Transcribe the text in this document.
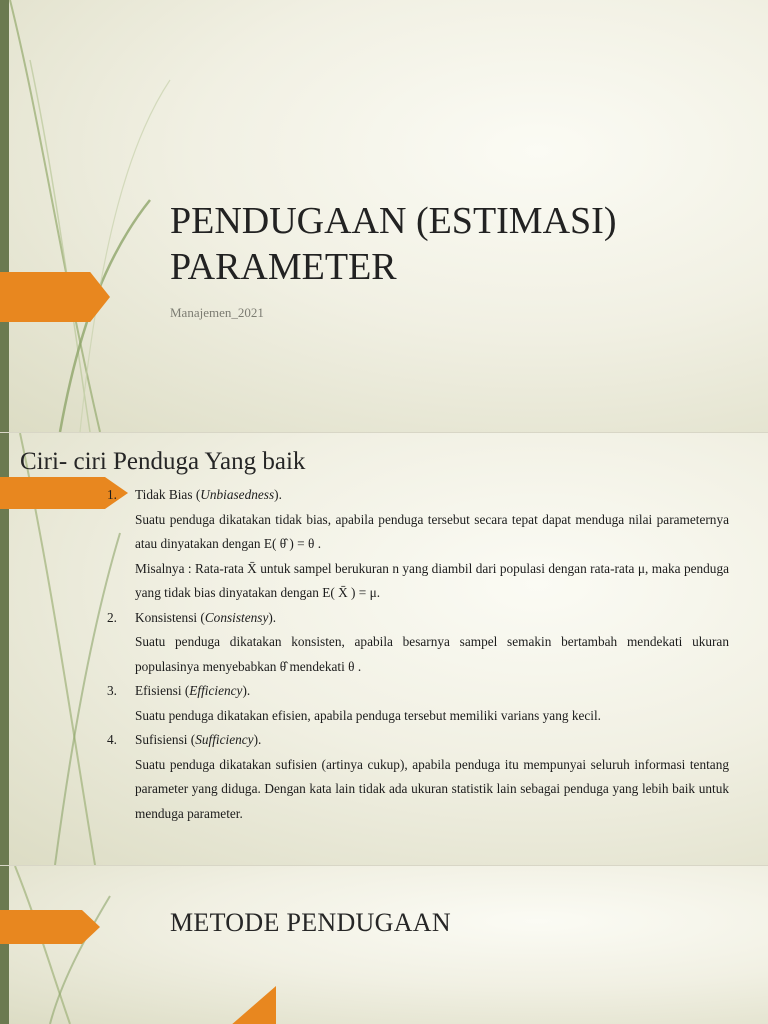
PENDUGAAN (ESTIMASI)
PARAMETER
Manajemen_2021
Ciri- ciri Penduga Yang baik
1.	Tidak Bias (Unbiasedness).
Suatu penduga dikatakan tidak bias, apabila penduga tersebut secara tepat dapat menduga nilai parameternya atau dinyatakan dengan E( θ̂ ) = θ .
Misalnya : Rata-rata X̄ untuk sampel berukuran n yang diambil dari populasi dengan rata-rata μ, maka penduga yang tidak bias dinyatakan dengan E( X̄ ) = μ.
2.	Konsistensi (Consistensy).
Suatu penduga dikatakan konsisten, apabila besarnya sampel semakin bertambah mendekati ukuran populasinya menyebabkan θ̂ mendekati θ .
3.	Efisiensi (Efficiency).
Suatu penduga dikatakan efisien, apabila penduga tersebut memiliki varians yang kecil.
4.	Sufisiensi (Sufficiency).
Suatu penduga dikatakan sufisien (artinya cukup), apabila penduga itu mempunyai seluruh informasi tentang parameter yang diduga. Dengan kata lain tidak ada ukuran statistik lain sebagai penduga yang lebih baik untuk menduga parameter.
METODE PENDUGAAN
